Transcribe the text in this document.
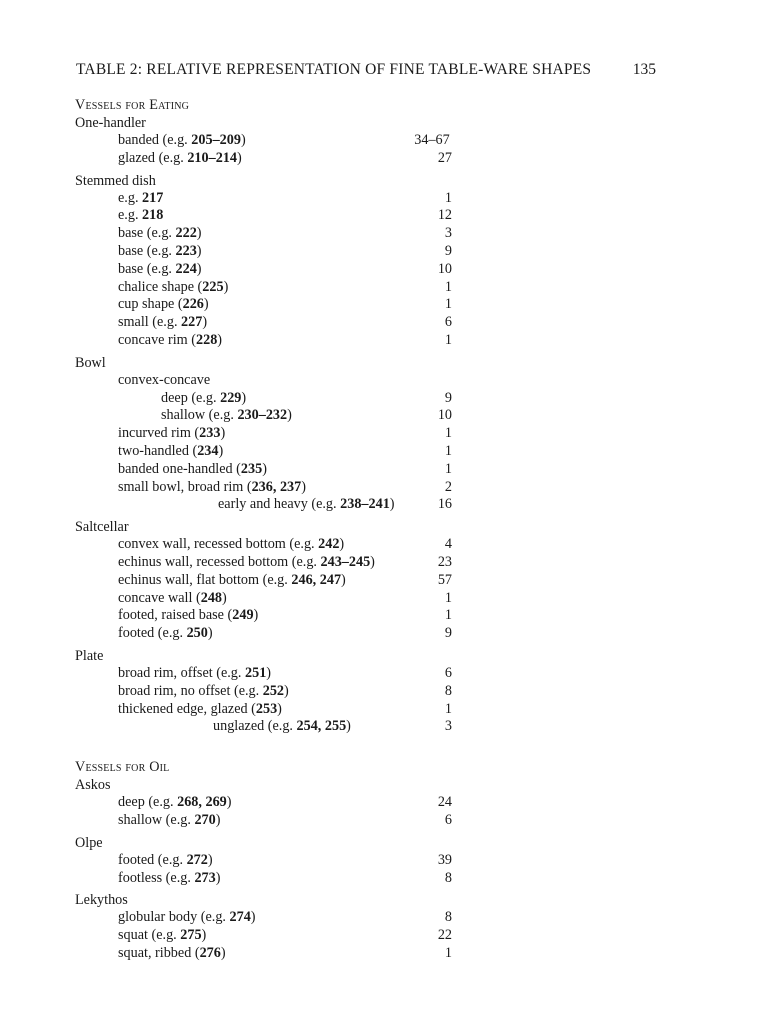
TABLE 2: RELATIVE REPRESENTATION OF FINE TABLE-WARE SHAPES	135
Vessels for Eating
One-handler
banded (e.g. 205–209)	34–67
glazed (e.g. 210–214)	27
Stemmed dish
e.g. 217	1
e.g. 218	12
base (e.g. 222)	3
base (e.g. 223)	9
base (e.g. 224)	10
chalice shape (225)	1
cup shape (226)	1
small (e.g. 227)	6
concave rim (228)	1
Bowl
convex-concave
deep (e.g. 229)	9
shallow (e.g. 230–232)	10
incurved rim (233)	1
two-handled (234)	1
banded one-handled (235)	1
small bowl, broad rim (236, 237)	2
early and heavy (e.g. 238–241)	16
Saltcellar
convex wall, recessed bottom (e.g. 242)	4
echinus wall, recessed bottom (e.g. 243–245)	23
echinus wall, flat bottom (e.g. 246, 247)	57
concave wall (248)	1
footed, raised base (249)	1
footed (e.g. 250)	9
Plate
broad rim, offset (e.g. 251)	6
broad rim, no offset (e.g. 252)	8
thickened edge, glazed (253)	1
unglazed (e.g. 254, 255)	3
Vessels for Oil
Askos
deep (e.g. 268, 269)	24
shallow (e.g. 270)	6
Olpe
footed (e.g. 272)	39
footless (e.g. 273)	8
Lekythos
globular body (e.g. 274)	8
squat (e.g. 275)	22
squat, ribbed (276)	1
